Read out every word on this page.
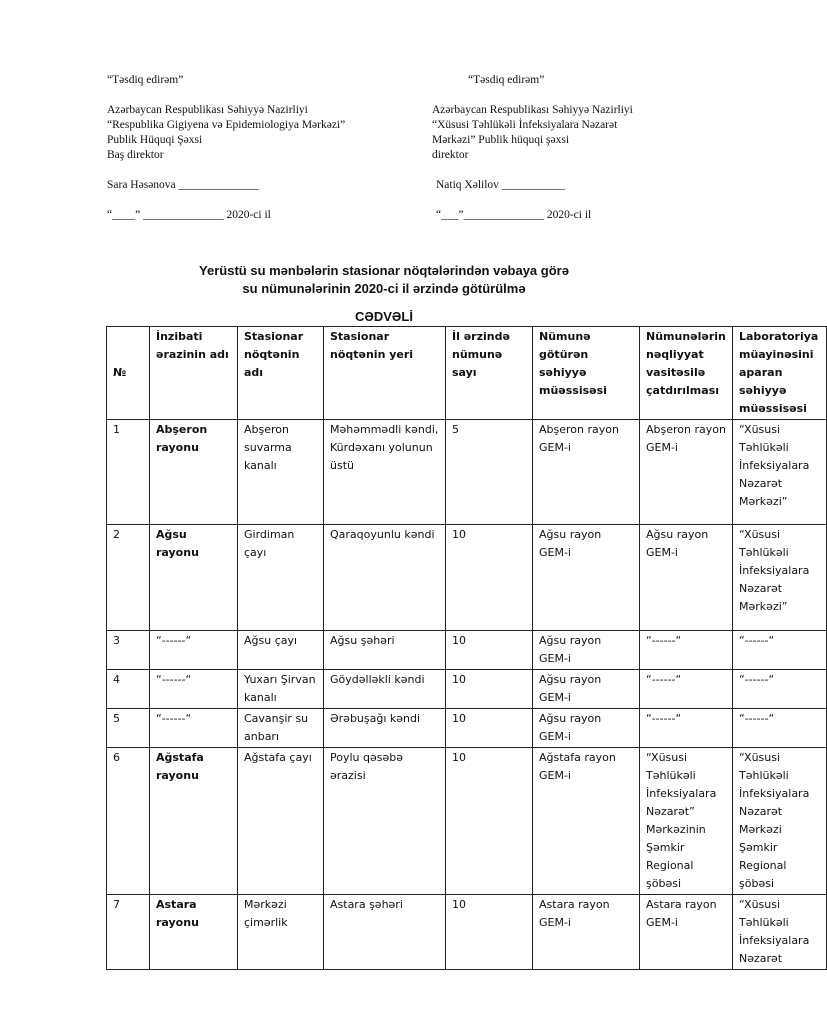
“Təsdiq edirəm”
Azərbaycan Respublikası Səhiyyə Nazirliyi
“Respublika Gigiyena və Epidemiologiya Mərkəzi”
Publik Hüquqi Şəxsi
Baş direktor
Sara Həsənova ______________
“____” ______________ 2020-ci il
“Təsdiq edirəm”
Azərbaycan Respublikası Səhiyyə Nazirliyi
“Xüsusi Təhlükəli İnfeksiyalara Nəzarət
Mərkəzi” Publik hüquqi şəxsi
direktor
Natiq Xəlilov ___________
“___”______________ 2020-ci il
Yerüstü su mənbələrin stasionar nöqtələrindən vəbaya görə
su nümunələrinin 2020-ci il ərzində götürülmə
CƏDVƏLİ
№	İnzibati ərazinin adı	Stasionar nöqtənin adı	Stasionar nöqtənin yeri	İl ərzində nümunə sayı	Nümunə götürən səhiyyə müəssisəsi	Nümunələrin nəqliyyat vasitəsilə çatdırılması	Laboratoriya müayinəsini aparan səhiyyə müəssisəsi
1	Abşeron rayonu	Abşeron suvarma kanalı	Məhəmmədli kəndi, Kürdəxanı yolunun üstü	5	Abşeron rayon GEM-i	Abşeron rayon GEM-i	“Xüsusi Təhlükəli İnfeksiyalara Nəzarət Mərkəzi”
2	Ağsu rayonu	Girdiman çayı	Qaraqoyunlu kəndi	10	Ağsu rayon GEM-i	Ağsu rayon GEM-i	“Xüsusi Təhlükəli İnfeksiyalara Nəzarət Mərkəzi”
3	“------“	Ağsu çayı	Ağsu şəhəri	10	Ağsu rayon GEM-i	“------“	“------“
4	“------“	Yuxarı Şirvan kanalı	Göydəlləkli kəndi	10	Ağsu rayon GEM-i	“------“	“------“
5	“------“	Cavanşir su anbarı	Ərəbuşağı kəndi	10	Ağsu rayon GEM-i	“------“	“------“
6	Ağstafa rayonu	Ağstafa çayı	Poylu qəsəbə ərazisi	10	Ağstafa rayon GEM-i	“Xüsusi Təhlükəli İnfeksiyalara Nəzarət” Mərkəzinin Şəmkir Regional şöbəsi	“Xüsusi Təhlükəli İnfeksiyalara Nəzarət Mərkəzi Şəmkir Regional şöbəsi
7	Astara rayonu	Mərkəzi çimərlik	Astara şəhəri	10	Astara rayon GEM-i	Astara rayon GEM-i	“Xüsusi Təhlükəli İnfeksiyalara Nəzarət
